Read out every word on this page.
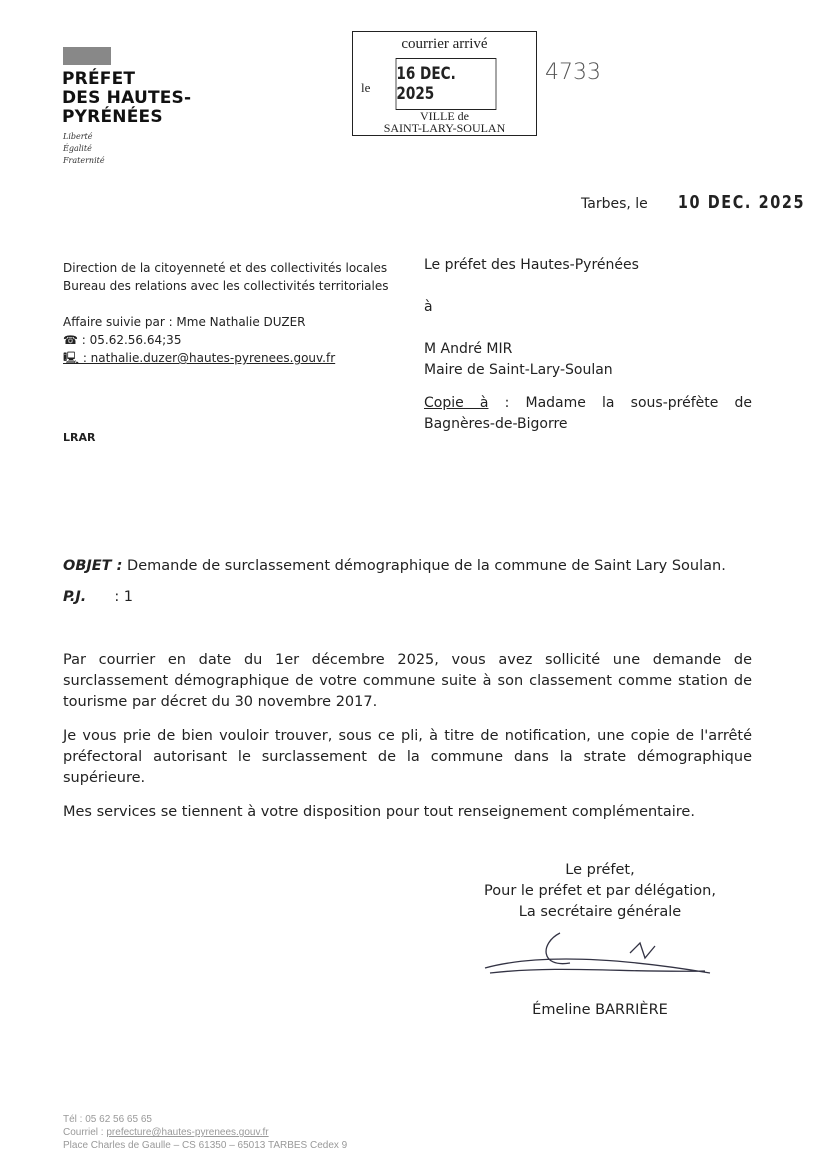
PRÉFET
DES HAUTES-
PYRÉNÉES
Liberté
Égalité
Fraternité
courrier arrivé
le
16 DEC. 2025
VILLE de
SAINT-LARY-SOULAN
4733
Tarbes, le 10 DEC. 2025
Direction de la citoyenneté et des collectivités locales
Bureau des relations avec les collectivités territoriales
Affaire suivie par : Mme Nathalie DUZER
☎ : 05.62.56.64;35
🖳 : nathalie.duzer@hautes-pyrenees.gouv.fr
LRAR
Le préfet des Hautes-Pyrénées
à
M André MIR
Maire de Saint-Lary-Soulan
Copie à : Madame la sous-préfète de Bagnères-de-Bigorre
OBJET : Demande de surclassement démographique de la commune de Saint Lary Soulan.
P.J. : 1

Par courrier en date du 1er décembre 2025, vous avez sollicité une demande de surclassement démographique de votre commune suite à son classement comme station de tourisme par décret du 30 novembre 2017.

Je vous prie de bien vouloir trouver, sous ce pli, à titre de notification, une copie de l'arrêté préfectoral autorisant le surclassement de la commune dans la strate démographique supérieure.

Mes services se tiennent à votre disposition pour tout renseignement complémentaire.

Le préfet,
Pour le préfet et par délégation,
La secrétaire générale
Émeline BARRIÈRE
Tél : 05 62 56 65 65
Courriel : prefecture@hautes-pyrenees.gouv.fr
Place Charles de Gaulle – CS 61350 – 65013 TARBES Cedex 9
